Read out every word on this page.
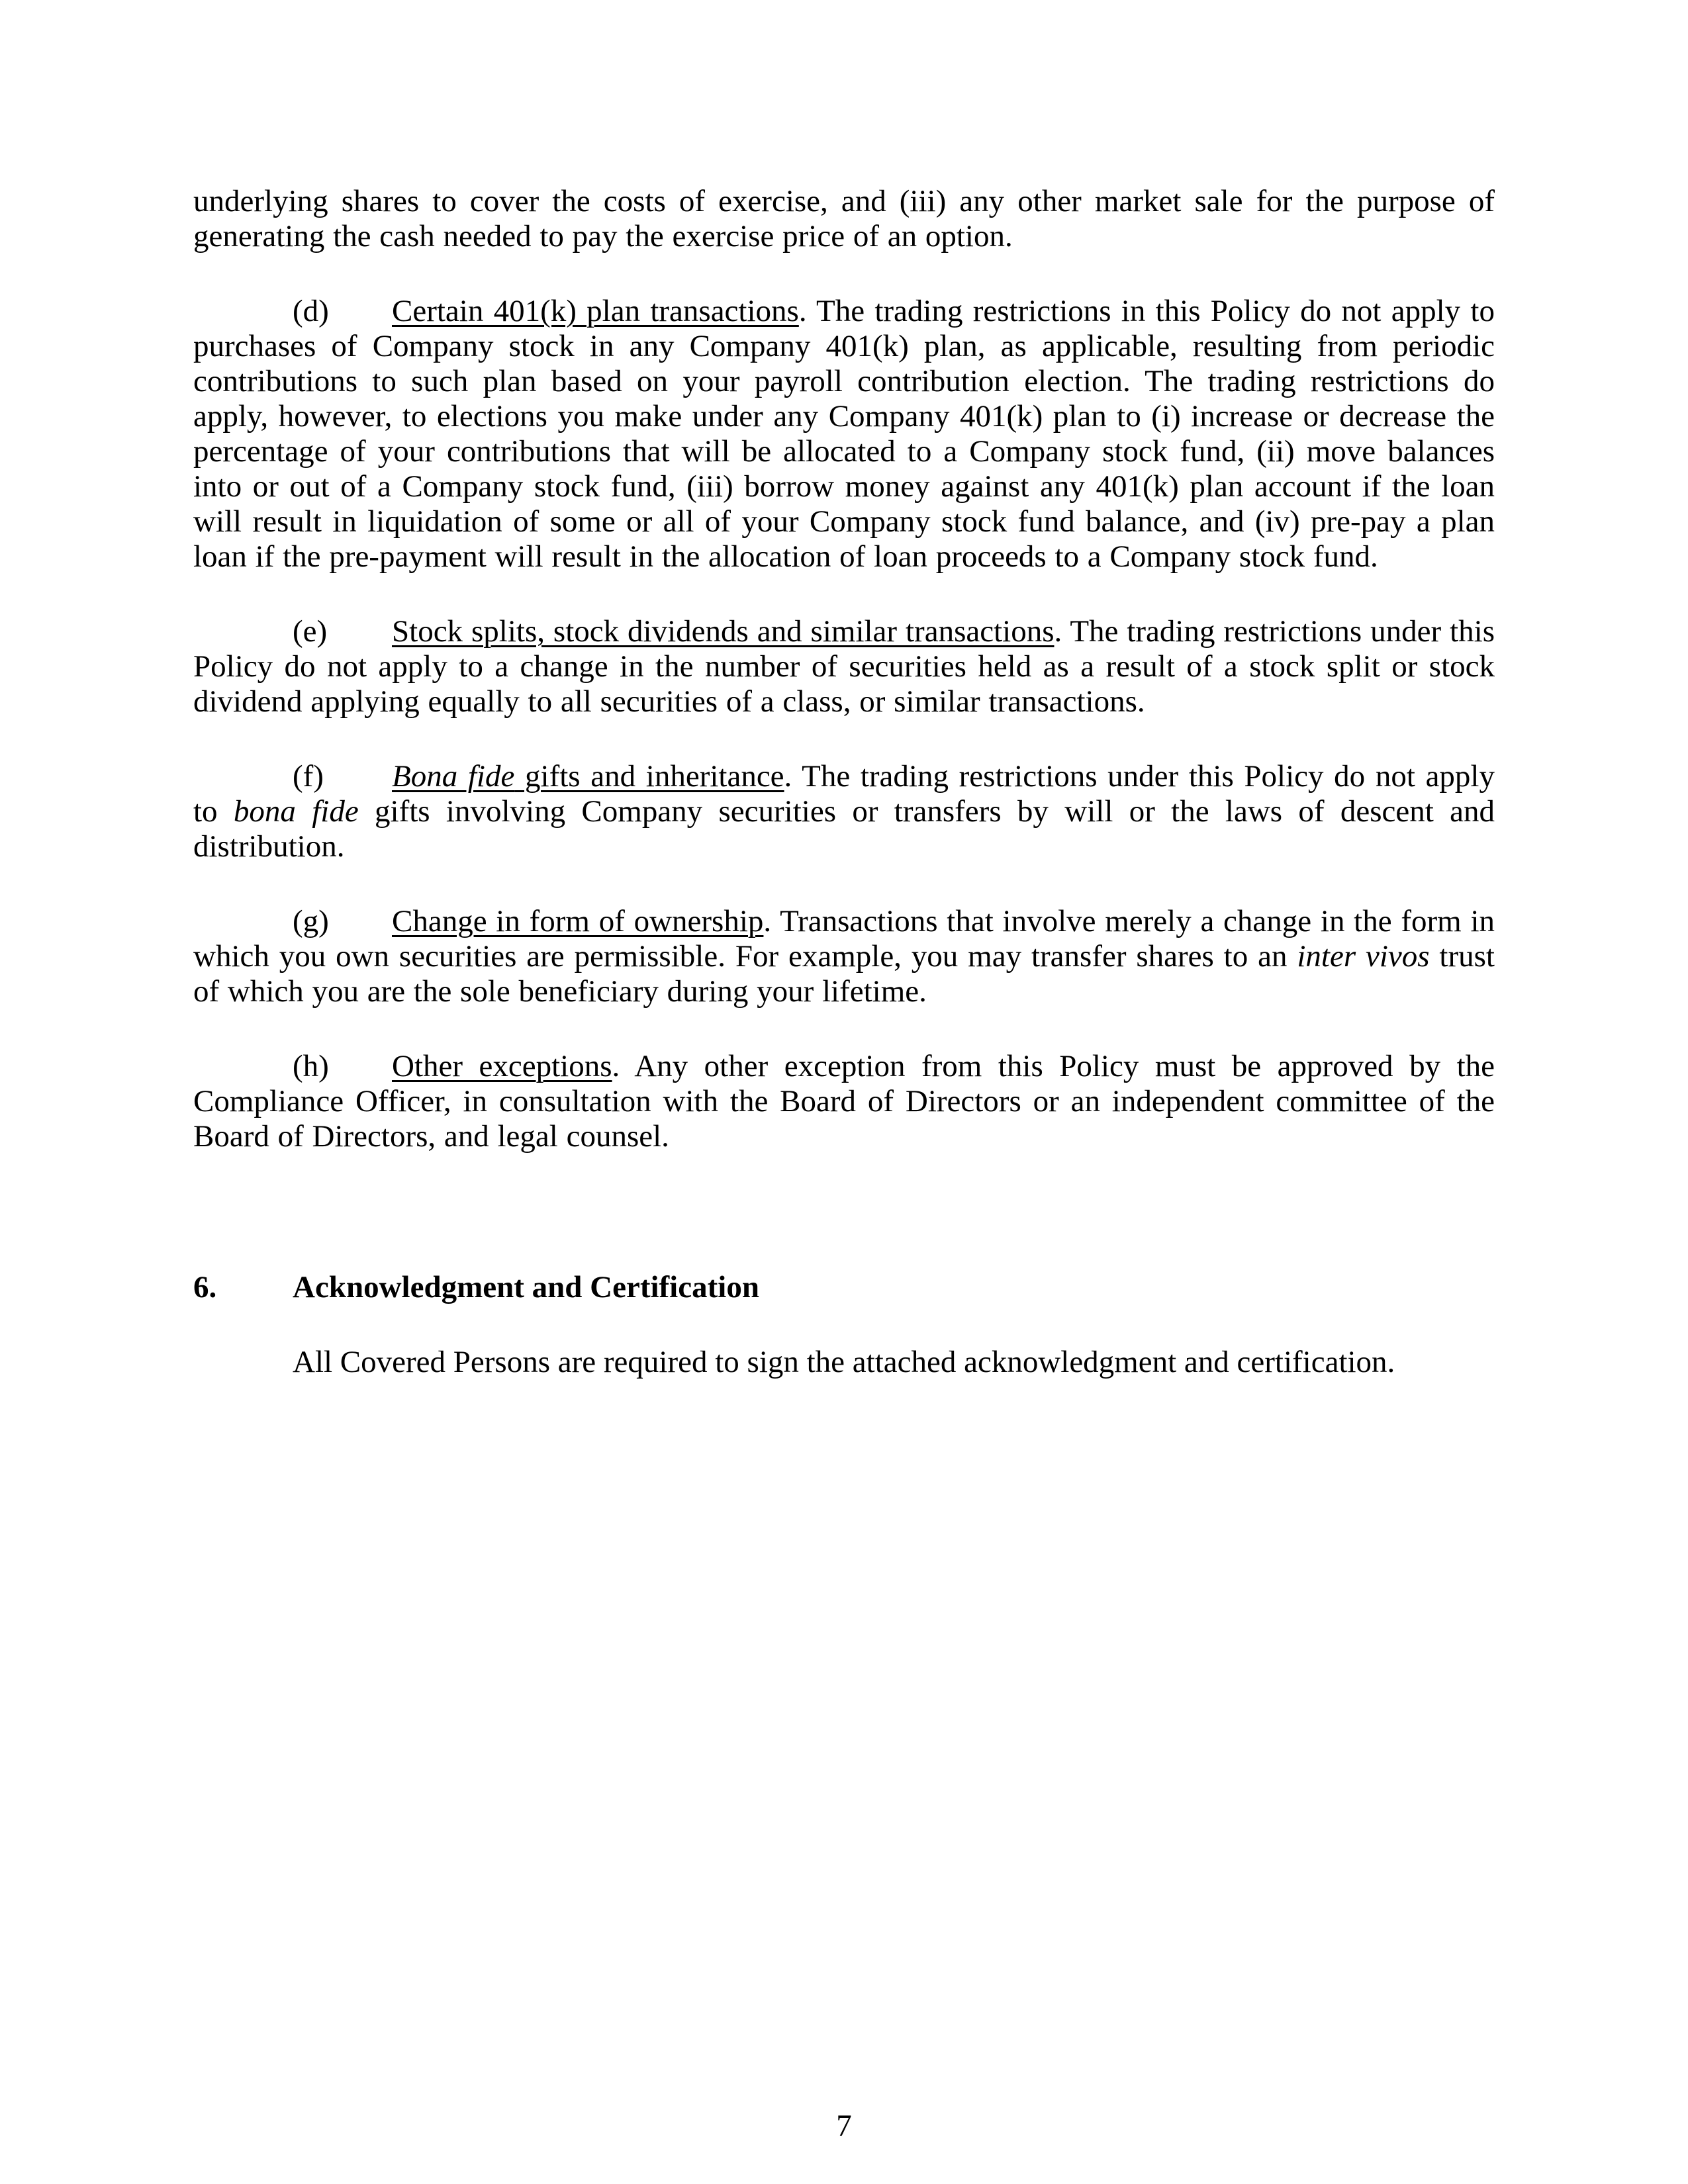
underlying shares to cover the costs of exercise, and (iii) any other market sale for the purpose of generating the cash needed to pay the exercise price of an option.

(d) Certain 401(k) plan transactions. The trading restrictions in this Policy do not apply to purchases of Company stock in any Company 401(k) plan, as applicable, resulting from periodic contributions to such plan based on your payroll contribution election. The trading restrictions do apply, however, to elections you make under any Company 401(k) plan to (i) increase or decrease the percentage of your contributions that will be allocated to a Company stock fund, (ii) move balances into or out of a Company stock fund, (iii) borrow money against any 401(k) plan account if the loan will result in liquidation of some or all of your Company stock fund balance, and (iv) pre-pay a plan loan if the pre-payment will result in the allocation of loan proceeds to a Company stock fund.

(e) Stock splits, stock dividends and similar transactions. The trading restrictions under this Policy do not apply to a change in the number of securities held as a result of a stock split or stock dividend applying equally to all securities of a class, or similar transactions.

(f) Bona fide gifts and inheritance. The trading restrictions under this Policy do not apply to bona fide gifts involving Company securities or transfers by will or the laws of descent and distribution.

(g) Change in form of ownership. Transactions that involve merely a change in the form in which you own securities are permissible. For example, you may transfer shares to an inter vivos trust of which you are the sole beneficiary during your lifetime.

(h) Other exceptions. Any other exception from this Policy must be approved by the Compliance Officer, in consultation with the Board of Directors or an independent committee of the Board of Directors, and legal counsel.

6. Acknowledgment and Certification

All Covered Persons are required to sign the attached acknowledgment and certification.

7
